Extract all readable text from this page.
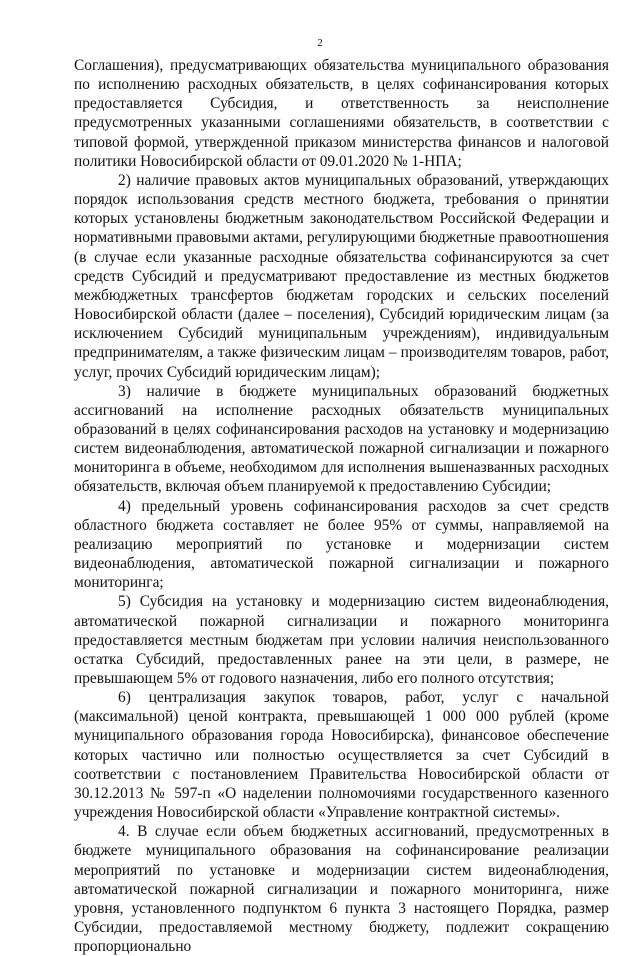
2

Соглашения), предусматривающих обязательства муниципального образования по исполнению расходных обязательств, в целях софинансирования которых предоставляется Субсидия, и ответственность за неисполнение предусмотренных указанными соглашениями обязательств, в соответствии с типовой формой, утвержденной приказом министерства финансов и налоговой политики Новосибирской области от 09.01.2020 № 1-НПА;

2) наличие правовых актов муниципальных образований, утверждающих порядок использования средств местного бюджета, требования о принятии которых установлены бюджетным законодательством Российской Федерации и нормативными правовыми актами, регулирующими бюджетные правоотношения (в случае если указанные расходные обязательства софинансируются за счет средств Субсидий и предусматривают предоставление из местных бюджетов межбюджетных трансфертов бюджетам городских и сельских поселений Новосибирской области (далее – поселения), Субсидий юридическим лицам (за исключением Субсидий муниципальным учреждениям), индивидуальным предпринимателям, а также физическим лицам – производителям товаров, работ, услуг, прочих Субсидий юридическим лицам);

3) наличие в бюджете муниципальных образований бюджетных ассигнований на исполнение расходных обязательств муниципальных образований в целях софинансирования расходов на установку и модернизацию систем видеонаблюдения, автоматической пожарной сигнализации и пожарного мониторинга в объеме, необходимом для исполнения вышеназванных расходных обязательств, включая объем планируемой к предоставлению Субсидии;

4) предельный уровень софинансирования расходов за счет средств областного бюджета составляет не более 95% от суммы, направляемой на реализацию мероприятий по установке и модернизации систем видеонаблюдения, автоматической пожарной сигнализации и пожарного мониторинга;

5) Субсидия на установку и модернизацию систем видеонаблюдения, автоматической пожарной сигнализации и пожарного мониторинга предоставляется местным бюджетам при условии наличия неиспользованного остатка Субсидий, предоставленных ранее на эти цели, в размере, не превышающем 5% от годового назначения, либо его полного отсутствия;

6) централизация закупок товаров, работ, услуг с начальной (максимальной) ценой контракта, превышающей 1 000 000 рублей (кроме муниципального образования города Новосибирска), финансовое обеспечение которых частично или полностью осуществляется за счет Субсидий в соответствии с постановлением Правительства Новосибирской области от 30.12.2013 № 597-п «О наделении полномочиями государственного казенного учреждения Новосибирской области «Управление контрактной системы».

4. В случае если объем бюджетных ассигнований, предусмотренных в бюджете муниципального образования на софинансирование реализации мероприятий по установке и модернизации систем видеонаблюдения, автоматической пожарной сигнализации и пожарного мониторинга, ниже уровня, установленного подпунктом 6 пункта 3 настоящего Порядка, размер Субсидии, предоставляемой местному бюджету, подлежит сокращению пропорционально
